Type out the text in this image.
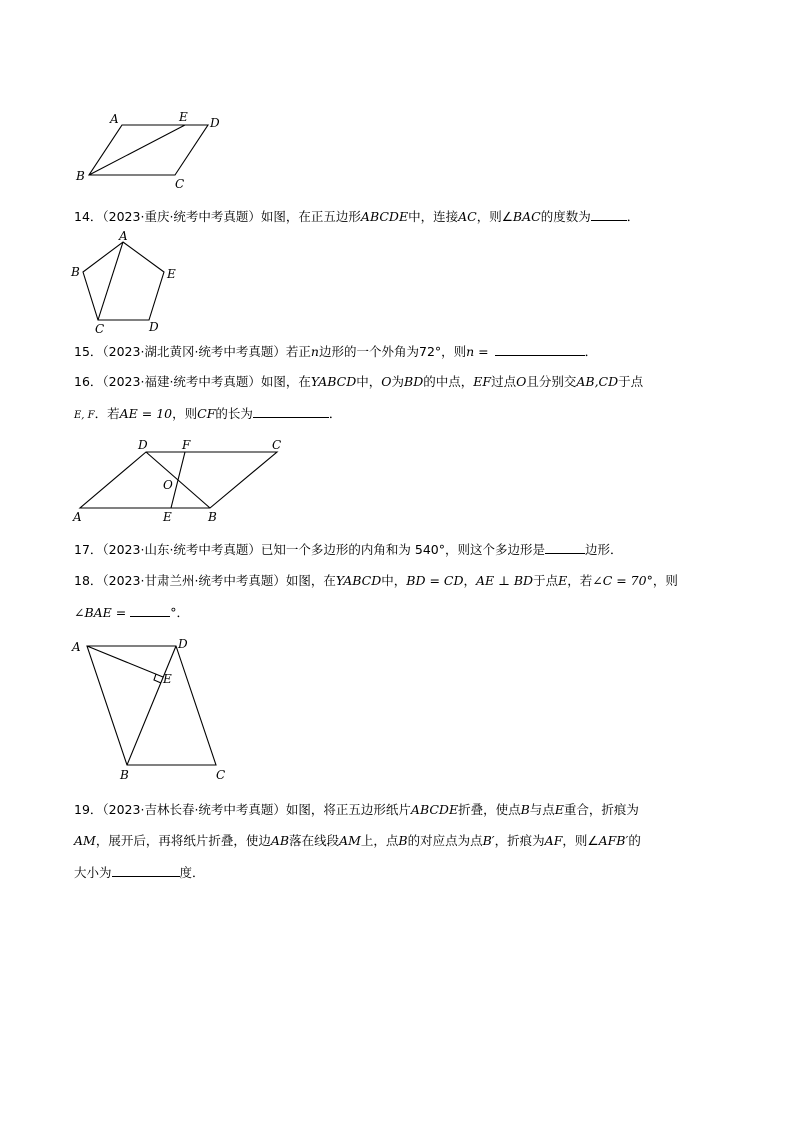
A	E D
B
C
14．（2023·重庆·统考中考真题）如图，在正五边形ABCDE中，连接AC，则∠BAC的度数为	．
A
B	E
C	D
15．（2023·湖北黄冈·统考中考真题）若正n边形的一个外角为72°，则n =	．
16．（2023·福建·统考中考真题）如图，在YABCD中，O为BD的中点，EF过点O且分别交AB,CD于点
E, F．若AE = 10，则CF的长为	．
D	F	C
O
A	E	B
17．（2023·山东·统考中考真题）已知一个多边形的内角和为 540°，则这个多边形是	边形．
18．（2023·甘肃兰州·统考中考真题）如图，在YABCD中，BD = CD，AE ⊥ BD于点E，若∠C = 70°，则
∠BAE =	°．
A	D
E
B	C
19．（2023·吉林长春·统考中考真题）如图，将正五边形纸片ABCDE折叠，使点B与点E重合，折痕为
AM，展开后，再将纸片折叠，使边AB落在线段AM上，点B的对应点为点B′，折痕为AF，则∠AFB′的
大小为	度．
